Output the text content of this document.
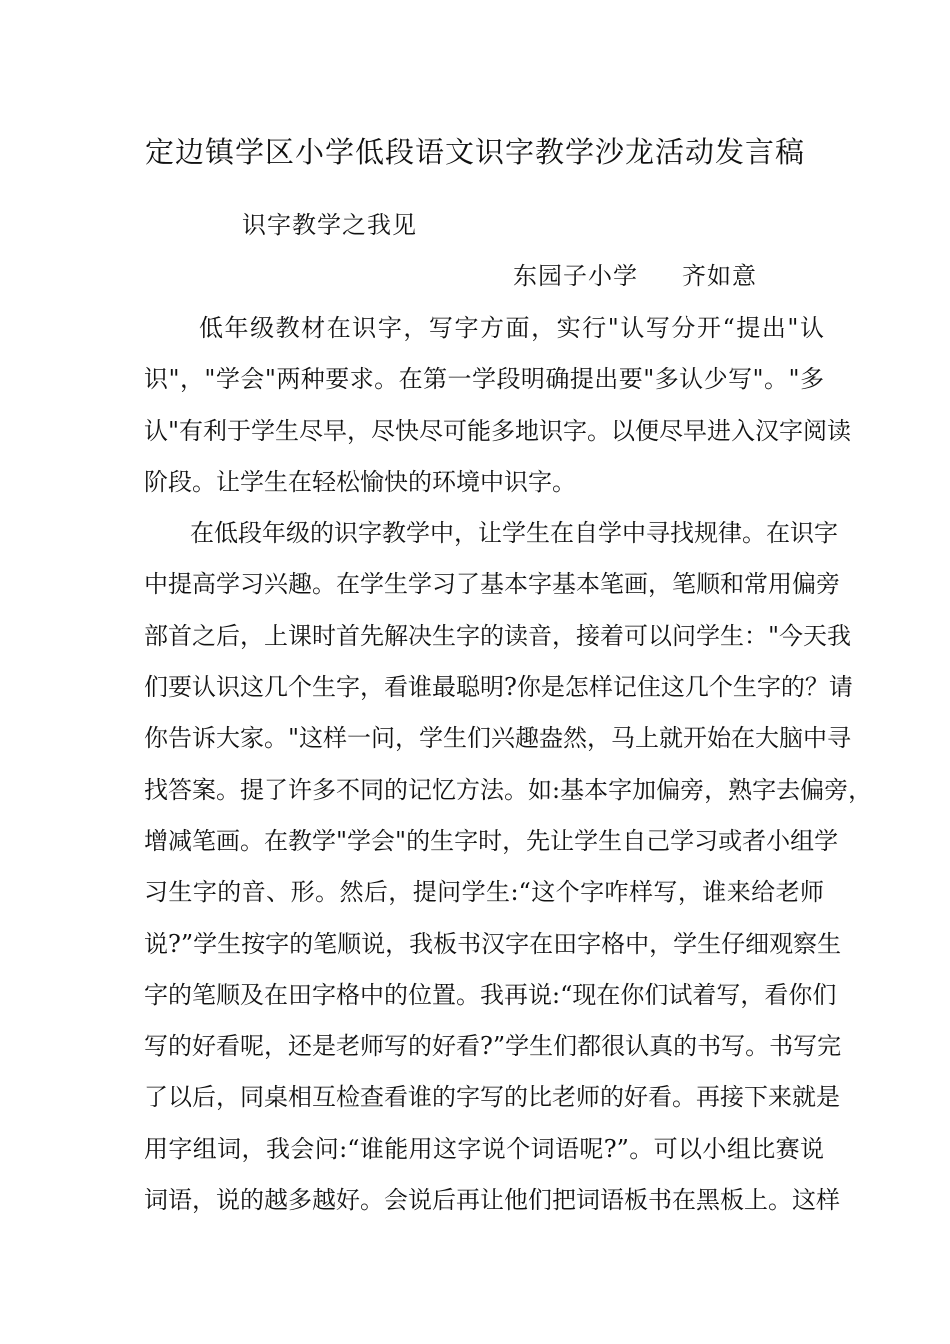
定边镇学区小学低段语文识字教学沙龙活动发言稿
识字教学之我见
东园子小学 齐如意
低年级教材在识字，写字方面，实行"认写分开“提出"认
识"，"学会"两种要求。在第一学段明确提出要"多认少写"。"多
认"有利于学生尽早，尽快尽可能多地识字。以便尽早进入汉字阅读
阶段。让学生在轻松愉快的环境中识字。
在低段年级的识字教学中，让学生在自学中寻找规律。在识字
中提高学习兴趣。在学生学习了基本字基本笔画，笔顺和常用偏旁
部首之后，上课时首先解决生字的读音，接着可以问学生："今天我
们要认识这几个生字，看谁最聪明?你是怎样记住这几个生字的？请
你告诉大家。"这样一问，学生们兴趣盎然，马上就开始在大脑中寻
找答案。提了许多不同的记忆方法。如:基本字加偏旁，熟字去偏旁，
增减笔画。在教学"学会"的生字时，先让学生自己学习或者小组学
习生字的音、形。然后，提问学生:“这个字咋样写，谁来给老师
说?”学生按字的笔顺说，我板书汉字在田字格中，学生仔细观察生
字的笔顺及在田字格中的位置。我再说:“现在你们试着写，看你们
写的好看呢，还是老师写的好看?”学生们都很认真的书写。书写完
了以后，同桌相互检查看谁的字写的比老师的好看。再接下来就是
用字组词，我会问:“谁能用这字说个词语呢?”。可以小组比赛说
词语，说的越多越好。会说后再让他们把词语板书在黑板上。这样
